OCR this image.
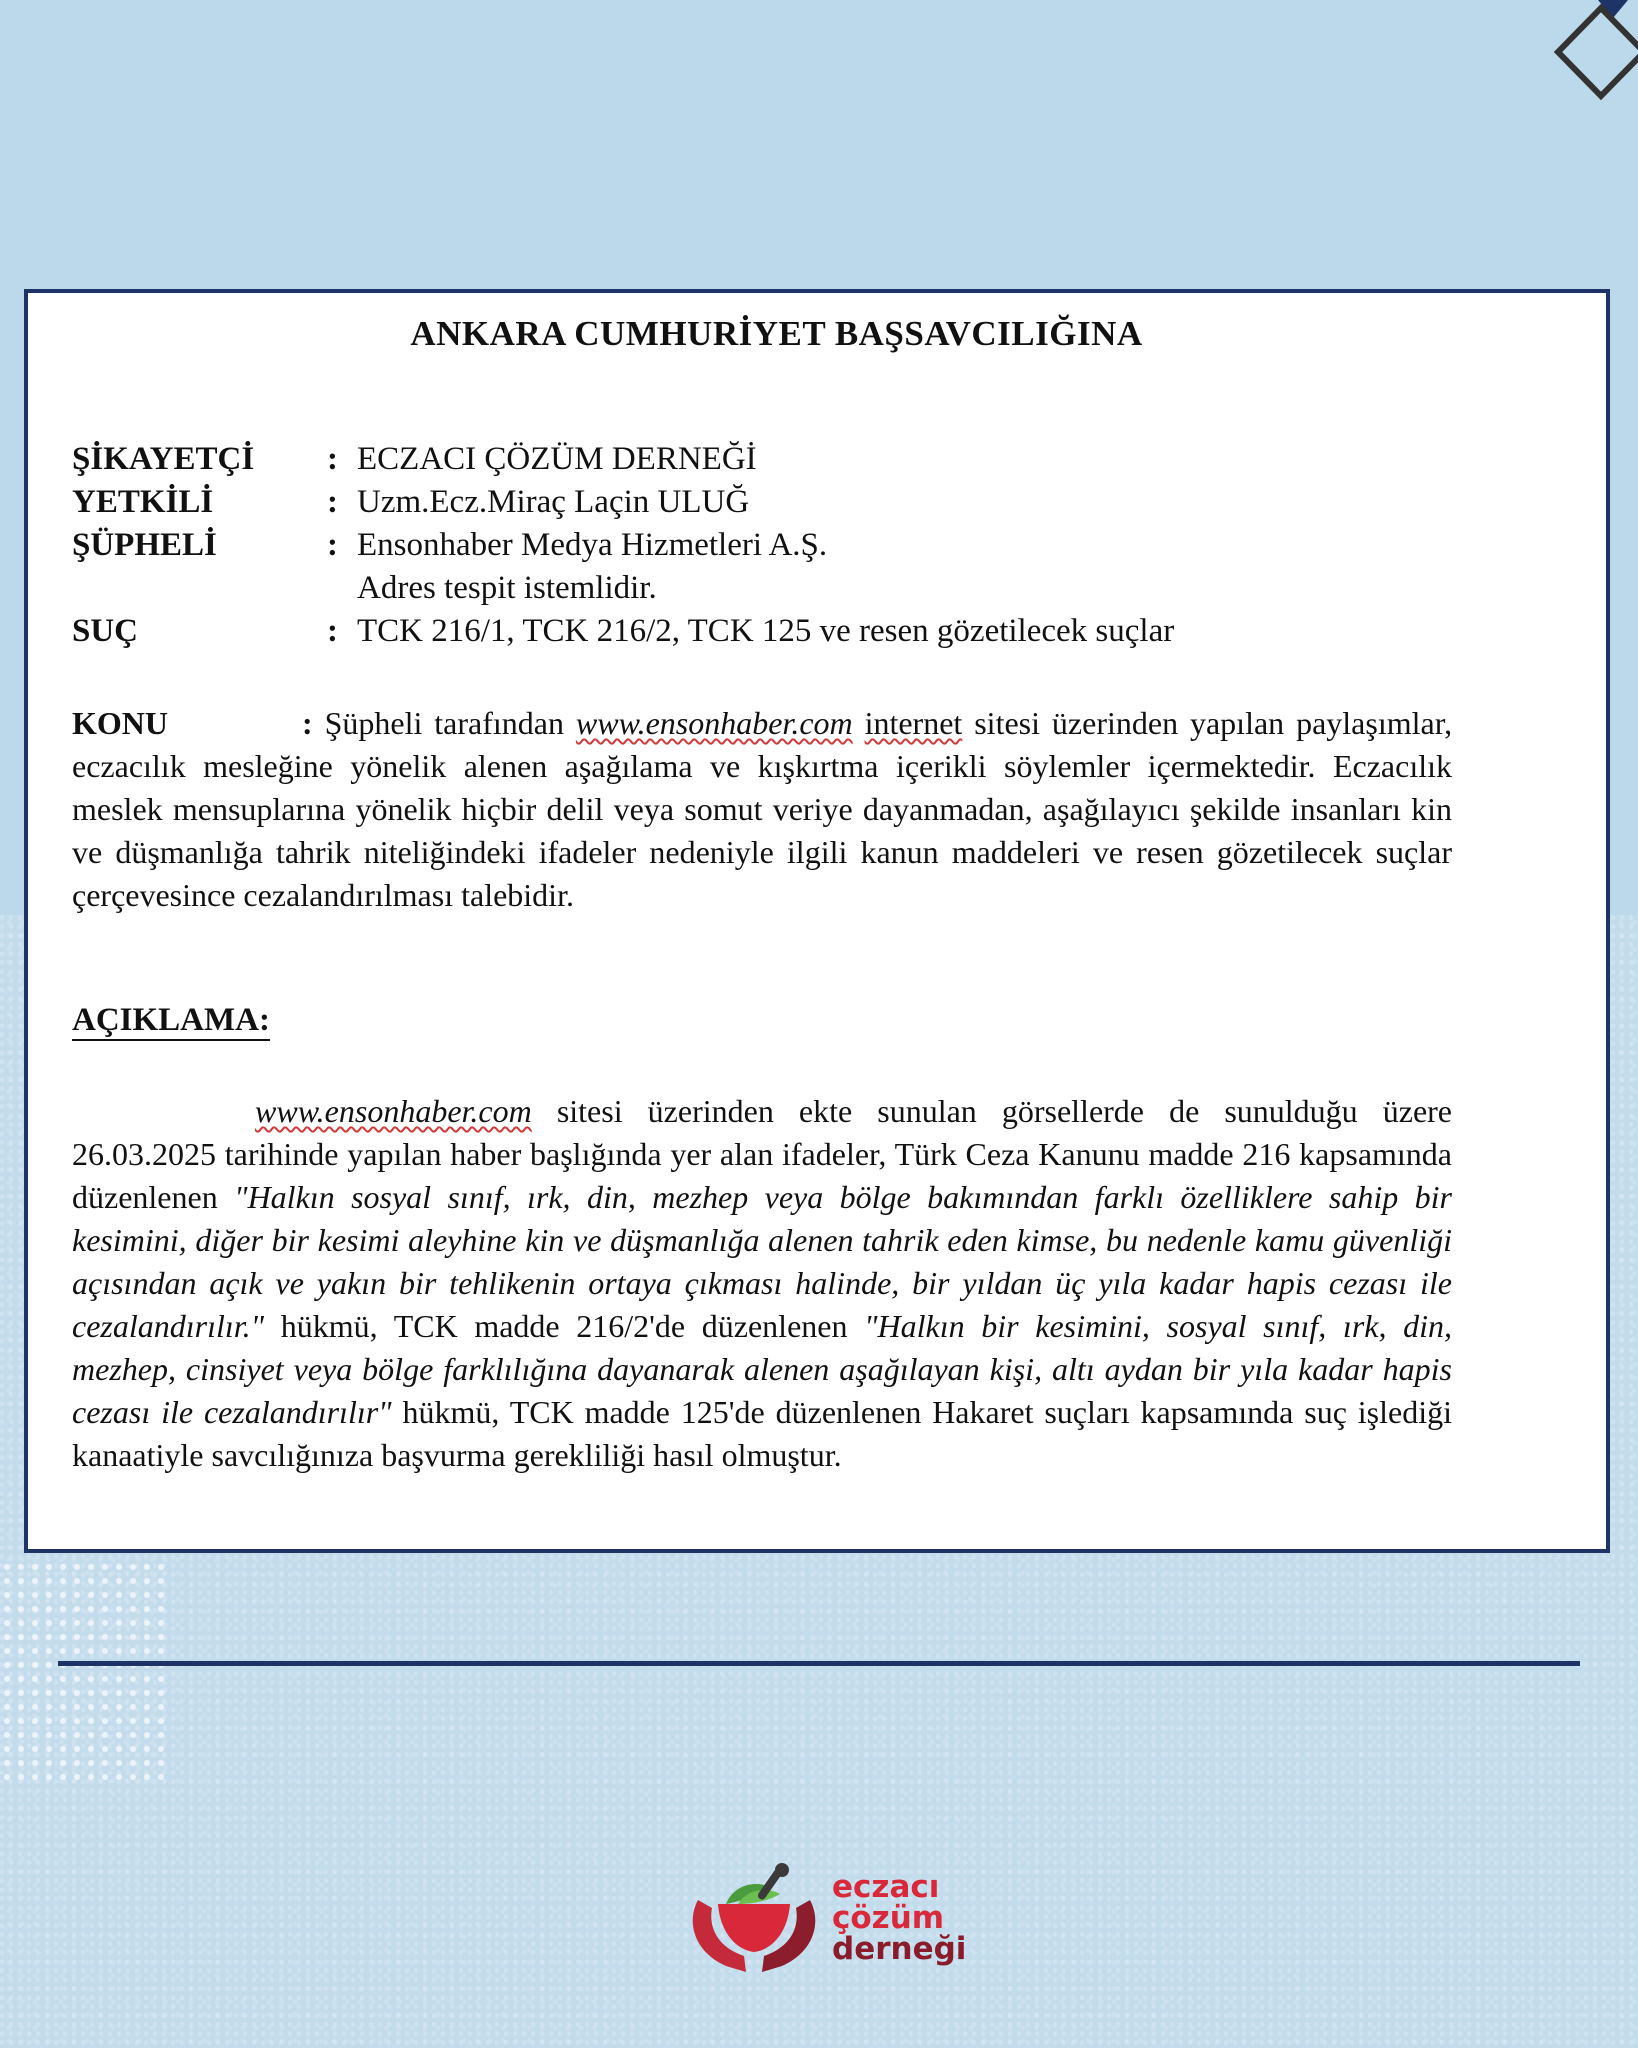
ANKARA CUMHURİYET BAŞSAVCILIĞINA
ŞİKAYETÇİ	: ECZACI ÇÖZÜM DERNEĞİ
YETKİLİ	: Uzm.Ecz.Miraç Laçin ULUĞ
ŞÜPHELİ	: Ensonhaber Medya Hizmetleri A.Ş.
Adres tespit istemlidir.
SUÇ	: TCK 216/1, TCK 216/2, TCK 125 ve resen gözetilecek suçlar

KONU	: Şüpheli tarafından www.ensonhaber.com internet sitesi üzerinden yapılan paylaşımlar, eczacılık mesleğine yönelik alenen aşağılama ve kışkırtma içerikli söylemler içermektedir. Eczacılık meslek mensuplarına yönelik hiçbir delil veya somut veriye dayanmadan, aşağılayıcı şekilde insanları kin ve düşmanlığa tahrik niteliğindeki ifadeler nedeniyle ilgili kanun maddeleri ve resen gözetilecek suçlar çerçevesince cezalandırılması talebidir.

AÇIKLAMA:

www.ensonhaber.com sitesi üzerinden ekte sunulan görsellerde de sunulduğu üzere 26.03.2025 tarihinde yapılan haber başlığında yer alan ifadeler, Türk Ceza Kanunu madde 216 kapsamında düzenlenen "Halkın sosyal sınıf, ırk, din, mezhep veya bölge bakımından farklı özelliklere sahip bir kesimini, diğer bir kesimi aleyhine kin ve düşmanlığa alenen tahrik eden kimse, bu nedenle kamu güvenliği açısından açık ve yakın bir tehlikenin ortaya çıkması halinde, bir yıldan üç yıla kadar hapis cezası ile cezalandırılır." hükmü, TCK madde 216/2'de düzenlenen "Halkın bir kesimini, sosyal sınıf, ırk, din, mezhep, cinsiyet veya bölge farklılığına dayanarak alenen aşağılayan kişi, altı aydan bir yıla kadar hapis cezası ile cezalandırılır" hükmü, TCK madde 125'de düzenlenen Hakaret suçları kapsamında suç işlediği kanaatiyle savcılığınıza başvurma gerekliliği hasıl olmuştur.

eczacı
çözüm
derneği
